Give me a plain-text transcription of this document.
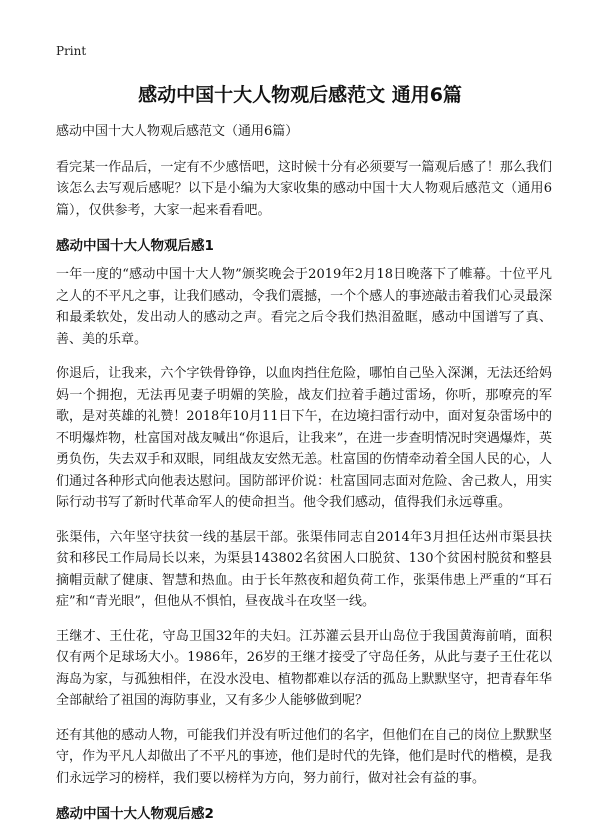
Print
感动中国十大人物观后感范文 通用6篇

感动中国十大人物观后感范文（通用6篇）

看完某一作品后，一定有不少感悟吧，这时候十分有必须要写一篇观后感了！那么我们该怎么去写观后感呢？以下是小编为大家收集的感动中国十大人物观后感范文（通用6篇），仅供参考，大家一起来看看吧。

感动中国十大人物观后感1

一年一度的“感动中国十大人物”颁奖晚会于2019年2月18日晚落下了帷幕。十位平凡之人的不平凡之事，让我们感动，令我们震撼，一个个感人的事迹敲击着我们心灵最深和最柔软处，发出动人的感动之声。看完之后令我们热泪盈眶，感动中国谱写了真、善、美的乐章。

你退后，让我来，六个字铁骨铮铮，以血肉挡住危险，哪怕自己坠入深渊，无法还给妈妈一个拥抱，无法再见妻子明媚的笑脸，战友们拉着手趟过雷场，你听，那嘹亮的军歌，是对英雄的礼赞！2018年10月11日下午，在边境扫雷行动中，面对复杂雷场中的不明爆炸物，杜富国对战友喊出“你退后，让我来”，在进一步查明情况时突遇爆炸，英勇负伤，失去双手和双眼，同组战友安然无恙。杜富国的伤情牵动着全国人民的心，人们通过各种形式向他表达慰问。国防部评价说：杜富国同志面对危险、舍己救人，用实际行动书写了新时代革命军人的使命担当。他令我们感动，值得我们永远尊重。

张渠伟，六年坚守扶贫一线的基层干部。张渠伟同志自2014年3月担任达州市渠县扶贫和移民工作局局长以来，为渠县143802名贫困人口脱贫、130个贫困村脱贫和整县摘帽贡献了健康、智慧和热血。由于长年熬夜和超负荷工作，张渠伟患上严重的“耳石症”和“青光眼”，但他从不惧怕，昼夜战斗在攻坚一线。

王继才、王仕花，守岛卫国32年的夫妇。江苏灌云县开山岛位于我国黄海前哨，面积仅有两个足球场大小。1986年，26岁的王继才接受了守岛任务，从此与妻子王仕花以海岛为家，与孤独相伴，在没水没电、植物都难以存活的孤岛上默默坚守，把青春年华全部献给了祖国的海防事业，又有多少人能够做到呢？

还有其他的感动人物，可能我们并没有听过他们的名字，但他们在自己的岗位上默默坚守，作为平凡人却做出了不平凡的事迹，他们是时代的先锋，他们是时代的楷模，是我们永远学习的榜样，我们要以榜样为方向，努力前行，做对社会有益的事。

感动中国十大人物观后感2
